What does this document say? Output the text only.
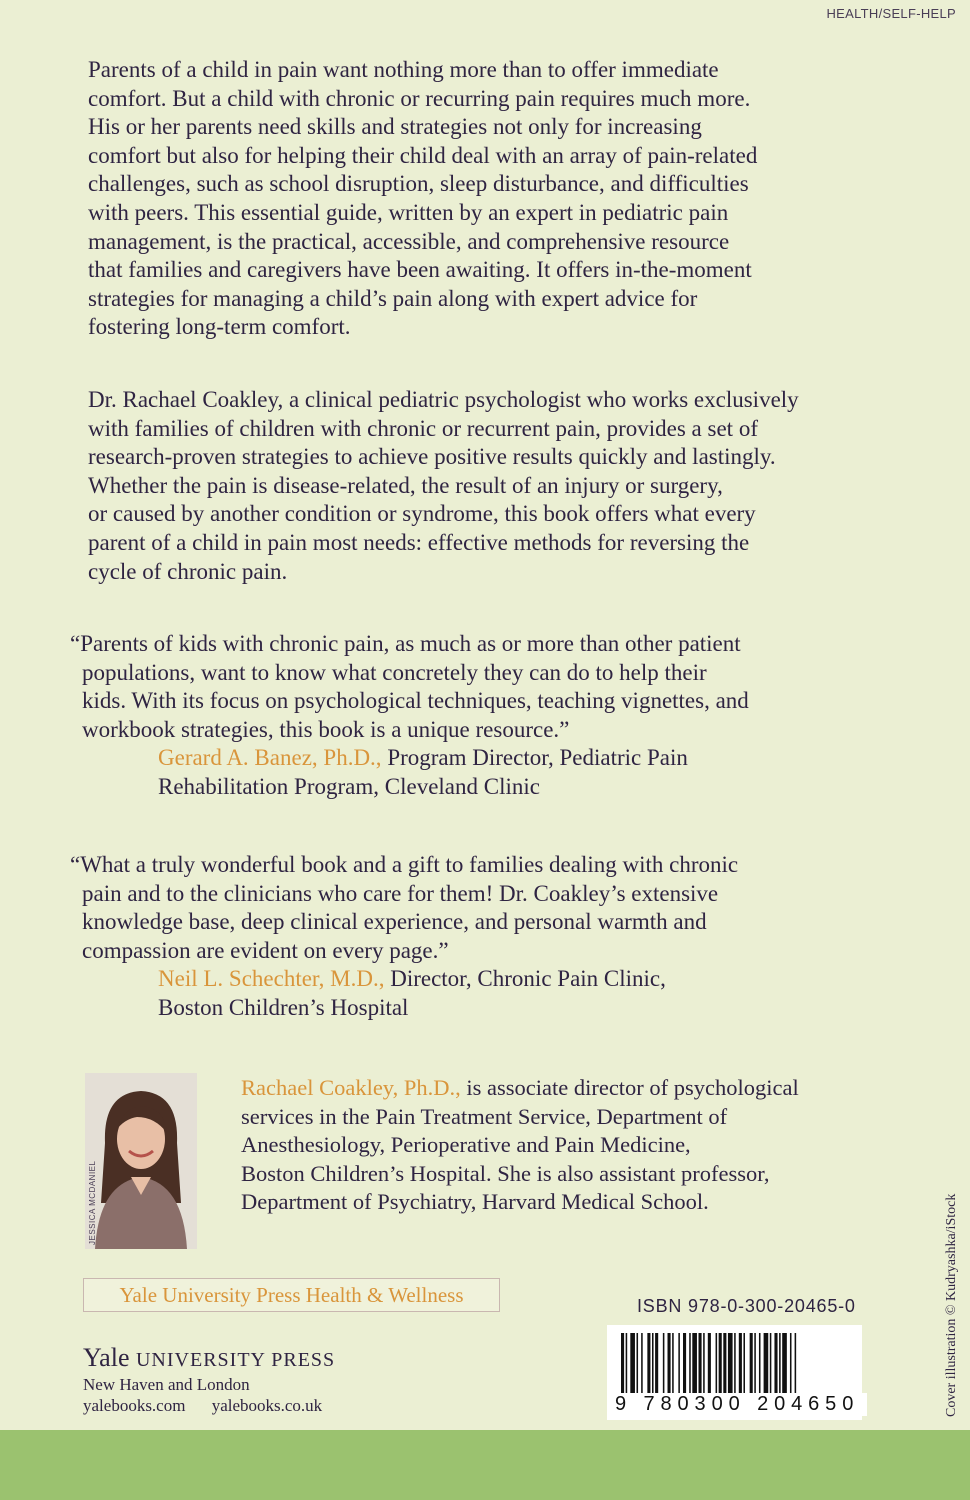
HEALTH/SELF-HELP
Parents of a child in pain want nothing more than to offer immediate
comfort. But a child with chronic or recurring pain requires much more.
His or her parents need skills and strategies not only for increasing
comfort but also for helping their child deal with an array of pain-related
challenges, such as school disruption, sleep disturbance, and difficulties
with peers. This essential guide, written by an expert in pediatric pain
management, is the practical, accessible, and comprehensive resource
that families and caregivers have been awaiting. It offers in-the-moment
strategies for managing a child’s pain along with expert advice for
fostering long-term comfort.
Dr. Rachael Coakley, a clinical pediatric psychologist who works exclusively
with families of children with chronic or recurrent pain, provides a set of
research-proven strategies to achieve positive results quickly and lastingly.
Whether the pain is disease-related, the result of an injury or surgery,
or caused by another condition or syndrome, this book offers what every
parent of a child in pain most needs: effective methods for reversing the
cycle of chronic pain.
“Parents of kids with chronic pain, as much as or more than other patient
populations, want to know what concretely they can do to help their
kids. With its focus on psychological techniques, teaching vignettes, and
workbook strategies, this book is a unique resource.”
Gerard A. Banez, Ph.D., Program Director, Pediatric Pain
Rehabilitation Program, Cleveland Clinic
“What a truly wonderful book and a gift to families dealing with chronic
pain and to the clinicians who care for them! Dr. Coakley’s extensive
knowledge base, deep clinical experience, and personal warmth and
compassion are evident on every page.”
Neil L. Schechter, M.D., Director, Chronic Pain Clinic,
Boston Children’s Hospital
JESSICA MCDANIEL
Rachael Coakley, Ph.D., is associate director of psychological
services in the Pain Treatment Service, Department of
Anesthesiology, Perioperative and Pain Medicine,
Boston Children’s Hospital. She is also assistant professor,
Department of Psychiatry, Harvard Medical School.	Cover illustration © Kudryashka/iStock
Yale University Press Health & Wellness
Yale UNIVERSITY PRESS
New Haven and London
yalebooks.com yalebooks.co.uk
ISBN 978-0-300-20465-0
9 780300 204650
